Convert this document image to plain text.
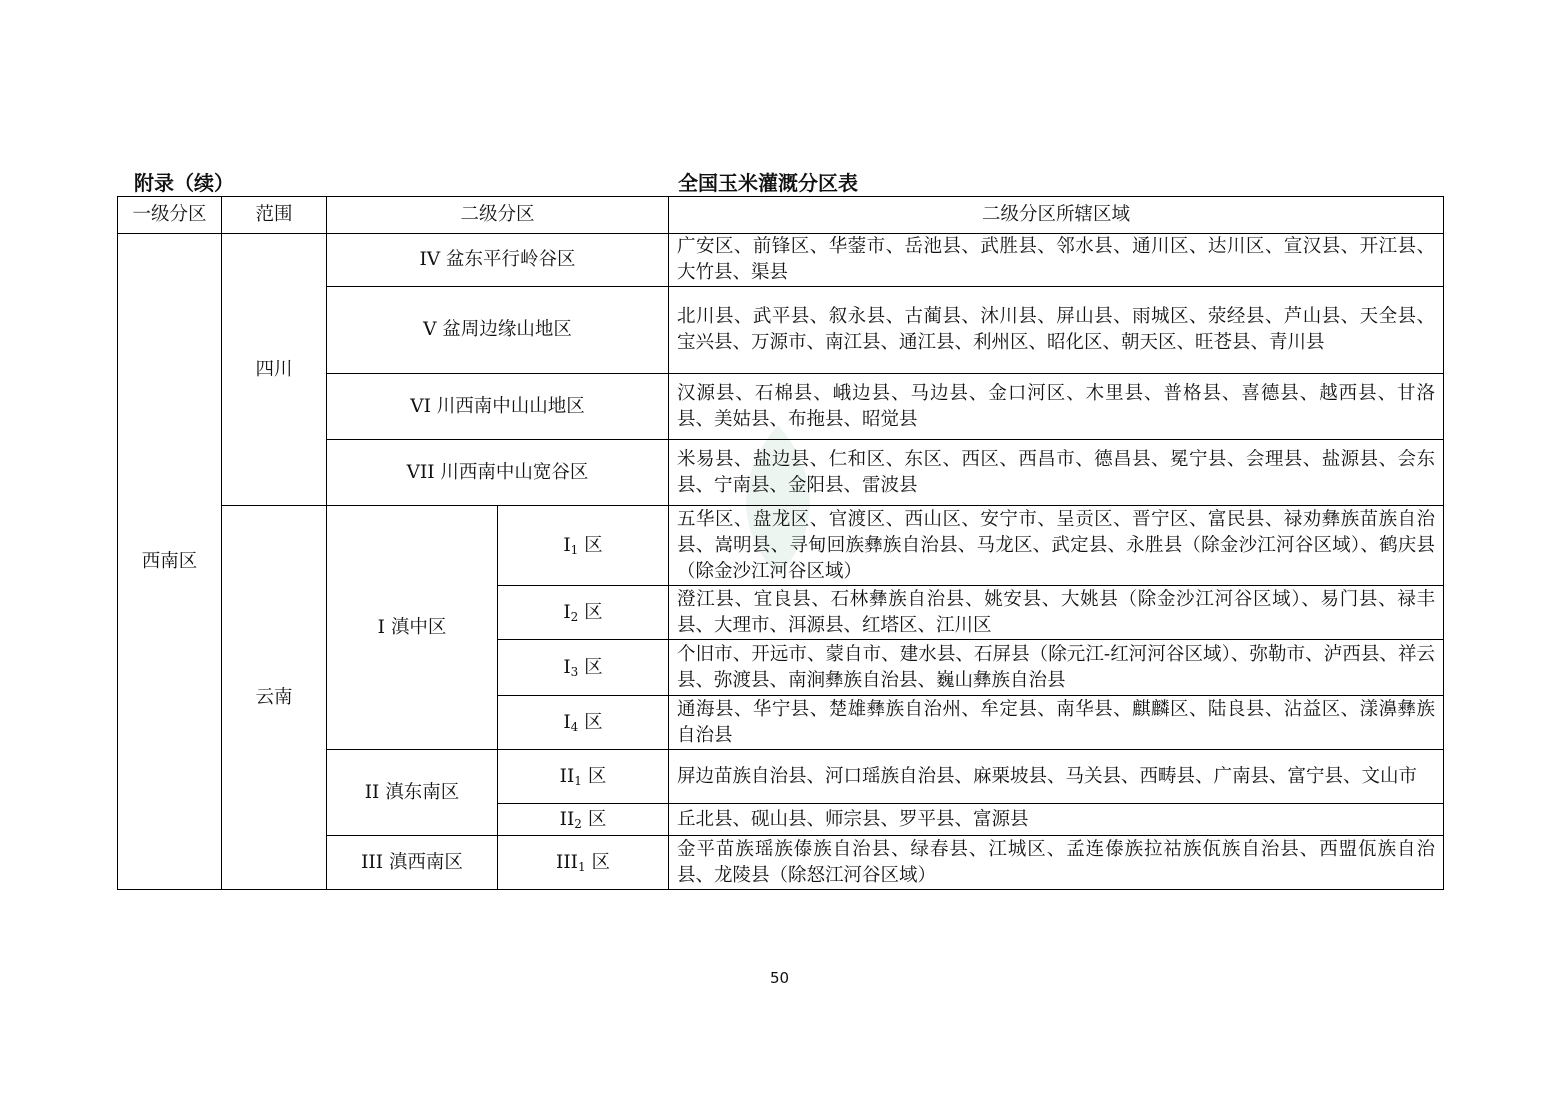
附录（续）	全国玉米灌溉分区表
一级分区	范围	二级分区		二级分区所辖区域
西南区	四川	IV 盆东平行岭谷区		广安区、前锋区、华蓥市、岳池县、武胜县、邻水县、通川区、达川区、宣汉县、开江县、大竹县、渠县
		V 盆周边缘山地区		北川县、武平县、叙永县、古蔺县、沐川县、屏山县、雨城区、荥经县、芦山县、天全县、宝兴县、万源市、南江县、通江县、利州区、昭化区、朝天区、旺苍县、青川县
		VI 川西南中山山地区		汉源县、石棉县、峨边县、马边县、金口河区、木里县、普格县、喜德县、越西县、甘洛县、美姑县、布拖县、昭觉县
		VII 川西南中山宽谷区		米易县、盐边县、仁和区、东区、西区、西昌市、德昌县、冕宁县、会理县、盐源县、会东县、宁南县、金阳县、雷波县
	云南	I 滇中区	$I_1$ 区	五华区、盘龙区、官渡区、西山区、安宁市、呈贡区、晋宁区、富民县、禄劝彝族苗族自治县、嵩明县、寻甸回族彝族自治县、马龙区、武定县、永胜县（除金沙江河谷区域）、鹤庆县（除金沙江河谷区域）
			$I_2$ 区	澄江县、宜良县、石林彝族自治县、姚安县、大姚县（除金沙江河谷区域）、易门县、禄丰县、大理市、洱源县、红塔区、江川区
			$I_3$ 区	个旧市、开远市、蒙自市、建水县、石屏县（除元江-红河河谷区域）、弥勒市、泸西县、祥云县、弥渡县、南涧彝族自治县、巍山彝族自治县
			$I_4$ 区	通海县、华宁县、楚雄彝族自治州、牟定县、南华县、麒麟区、陆良县、沾益区、漾濞彝族自治县
		II 滇东南区	$II_1$ 区	屏边苗族自治县、河口瑶族自治县、麻栗坡县、马关县、西畴县、广南县、富宁县、文山市
			$II_2$ 区	丘北县、砚山县、师宗县、罗平县、富源县
		III 滇西南区	$III_1$ 区	金平苗族瑶族傣族自治县、绿春县、江城区、孟连傣族拉祜族佤族自治县、西盟佤族自治县、龙陵县（除怒江河谷区域）
50
